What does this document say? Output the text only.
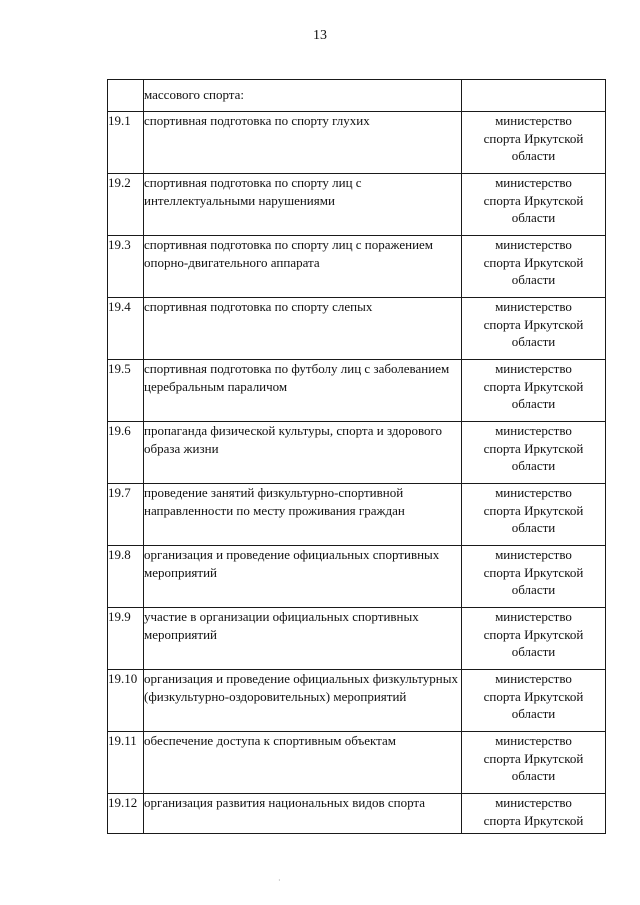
13
	массового спорта:	
19.1	спортивная подготовка по спорту глухих	министерство
спорта Иркутской
области

19.2	спортивная подготовка по спорту лиц с интеллектуальными нарушениями	министерство
спорта Иркутской
области

19.3	спортивная подготовка по спорту лиц с поражением опорно-двигательного аппарата	министерство
спорта Иркутской
области

19.4	спортивная подготовка по спорту слепых	министерство
спорта Иркутской
области

19.5	спортивная подготовка по футболу лиц с заболеванием церебральным параличом	министерство
спорта Иркутской
области

19.6	пропаганда физической культуры, спорта и здорового образа жизни	министерство
спорта Иркутской
области

19.7	проведение занятий физкультурно-спортивной направленности по месту проживания граждан	министерство
спорта Иркутской
области

19.8	организация и проведение официальных спортивных мероприятий	министерство
спорта Иркутской
области

19.9	участие в организации официальных спортивных мероприятий	министерство
спорта Иркутской
области

19.10	организация и проведение официальных физкультурных (физкультурно-оздоровительных) мероприятий	министерство
спорта Иркутской
области

19.11	обеспечение доступа к спортивным объектам	министерство
спорта Иркутской
области

19.12	организация развития национальных видов спорта	министерство
спорта Иркутской
·
